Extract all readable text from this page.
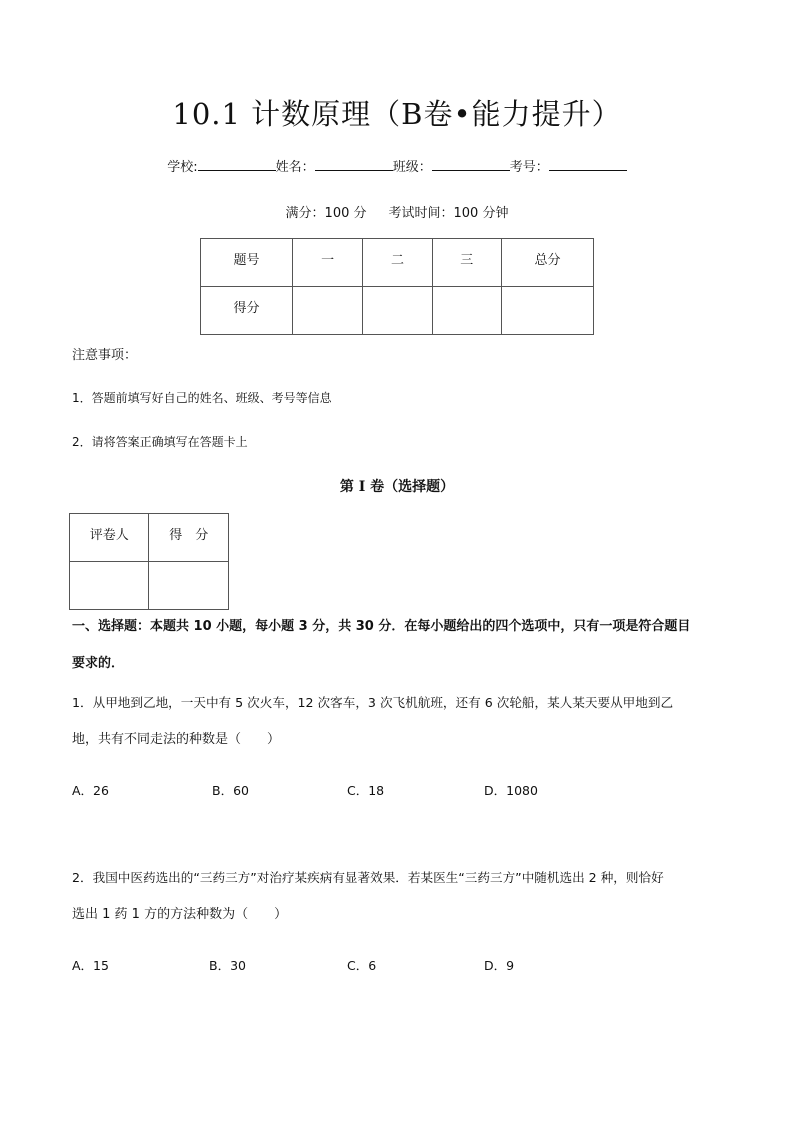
10.1 计数原理（B卷•能力提升）
学校:	姓名：	班级：	考号：
满分：100 分 考试时间：100 分钟
题号	一	二	三	总分
得分				
注意事项：
1．答题前填写好自己的姓名、班级、考号等信息
2．请将答案正确填写在答题卡上
第 I 卷（选择题）
评卷人	得　分

一、选择题：本题共 10 小题，每小题 3 分，共 30 分．在每小题给出的四个选项中，只有一项是符合题目
要求的．
1．从甲地到乙地，一天中有 5 次火车，12 次客车，3 次飞机航班，还有 6 次轮船，某人某天要从甲地到乙
地，共有不同走法的种数是（　　）
A．26	B．60	C．18	D．1080
2．我国中医药选出的“三药三方”对治疗某疾病有显著效果．若某医生“三药三方”中随机选出 2 种，则恰好
选出 1 药 1 方的方法种数为（　　）
A．15	B．30	C．6	D．9
